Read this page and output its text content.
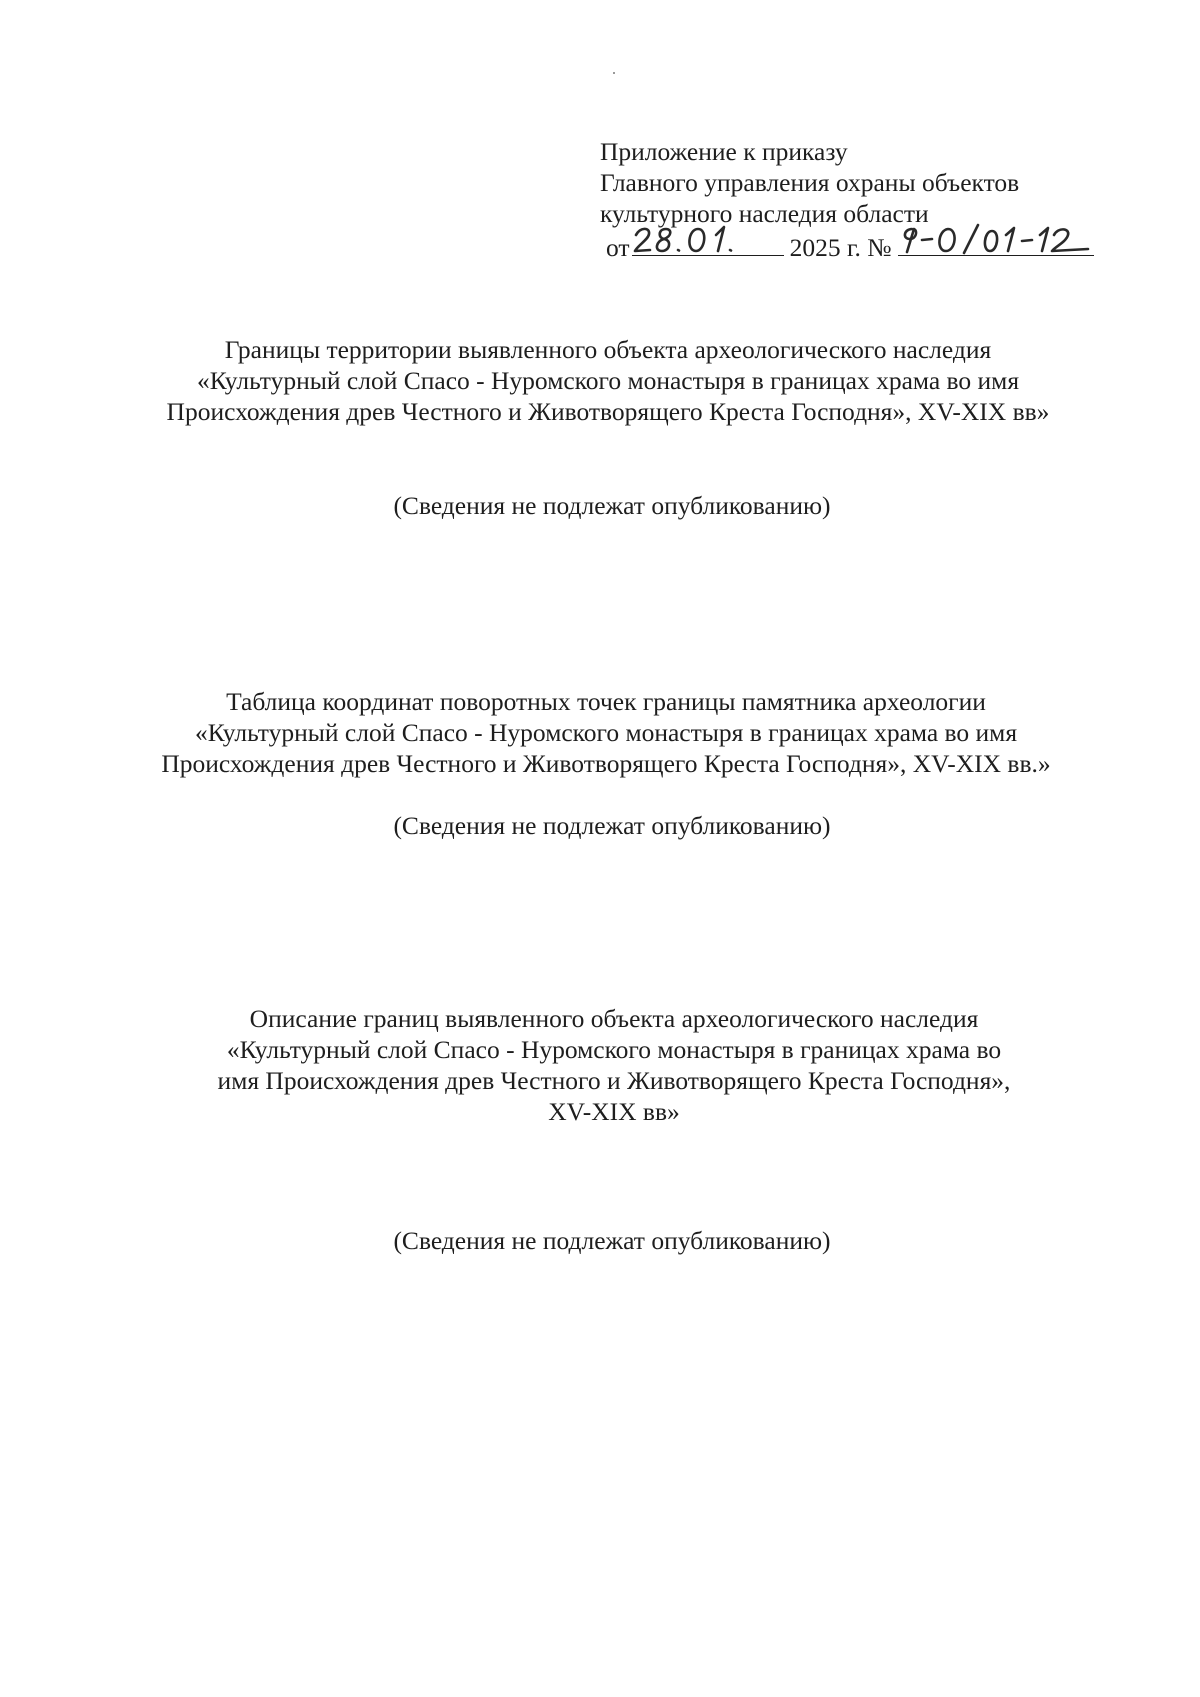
Приложение к приказу
Главного управления охраны объектов
культурного наследия области
от	2025 г. №
Границы территории выявленного объекта археологического наследия
«Культурный слой Спасо - Нуромского монастыря в границах храма во имя
Происхождения древ Честного и Животворящего Креста Господня», XV-XIX вв»
(Сведения не подлежат опубликованию)
Таблица координат поворотных точек границы памятника археологии
«Культурный слой Спасо - Нуромского монастыря в границах храма во имя
Происхождения древ Честного и Животворящего Креста Господня», XV-XIX вв.»
(Сведения не подлежат опубликованию)
Описание границ выявленного объекта археологического наследия
«Культурный слой Спасо - Нуромского монастыря в границах храма во
имя Происхождения древ Честного и Животворящего Креста Господня»,
XV-XIX вв»
(Сведения не подлежат опубликованию)
